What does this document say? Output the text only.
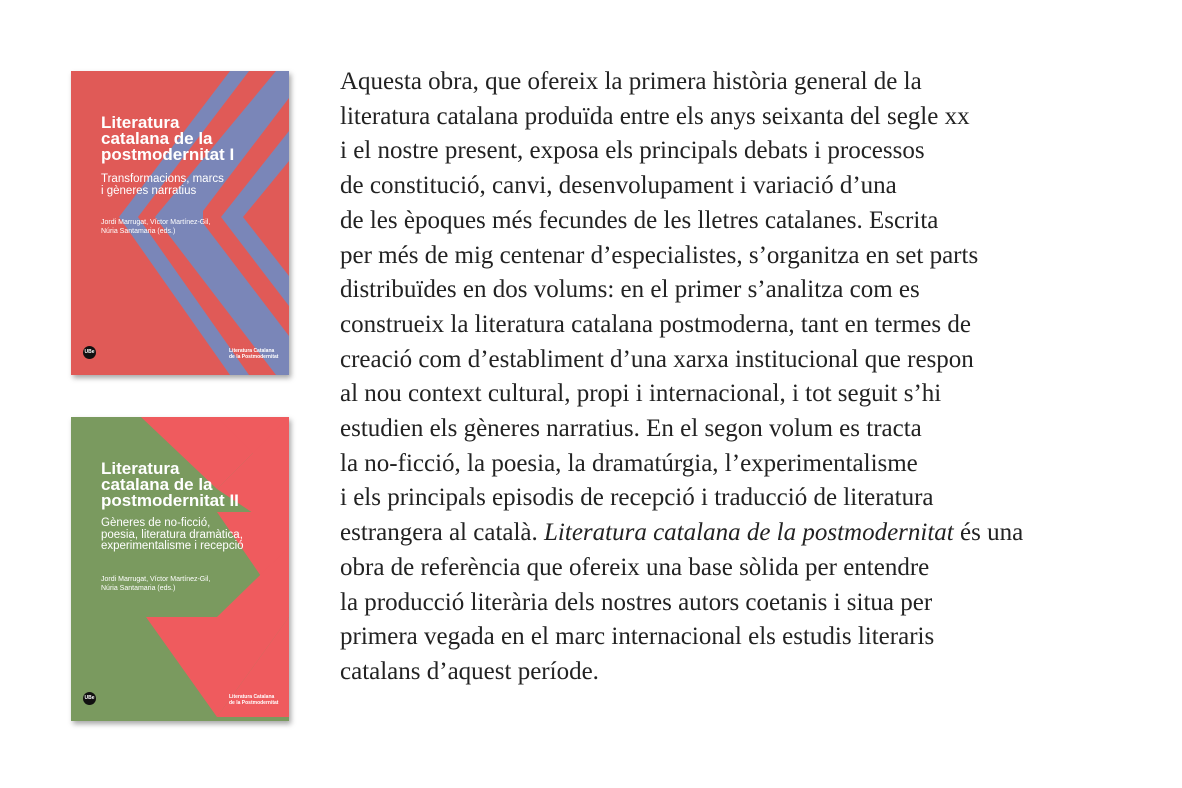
Literatura
catalana de la
postmodernitat I

Transformacions, marcs
i gèneres narratius
Jordi Marrugat, Víctor Martínez-Gil,
Núria Santamaria (eds.)
UBe	Literatura Catalana
de la Postmodernitat

Literatura
catalana de la
postmodernitat II

Gèneres de no-ficció,
poesia, literatura dramàtica,
experimentalisme i recepció
Jordi Marrugat, Víctor Martínez-Gil,
Núria Santamaria (eds.)
UBe	Literatura Catalana
de la Postmodernitat
Aquesta obra, que ofereix la primera història general de la
literatura catalana produïda entre els anys seixanta del segle xx
i el nostre present, exposa els principals debats i processos
de constitució, canvi, desenvolupament i variació d’una
de les èpoques més fecundes de les lletres catalanes. Escrita
per més de mig centenar d’especialistes, s’organitza en set parts
distribuïdes en dos volums: en el primer s’analitza com es
construeix la literatura catalana postmoderna, tant en termes de
creació com d’establiment d’una xarxa institucional que respon
al nou context cultural, propi i internacional, i tot seguit s’hi
estudien els gèneres narratius. En el segon volum es tracta
la no-ficció, la poesia, la dramatúrgia, l’experimentalisme
i els principals episodis de recepció i traducció de literatura
estrangera al català. Literatura catalana de la postmodernitat és una
obra de referència que ofereix una base sòlida per entendre
la producció literària dels nostres autors coetanis i situa per
primera vegada en el marc internacional els estudis literaris
catalans d’aquest període.
